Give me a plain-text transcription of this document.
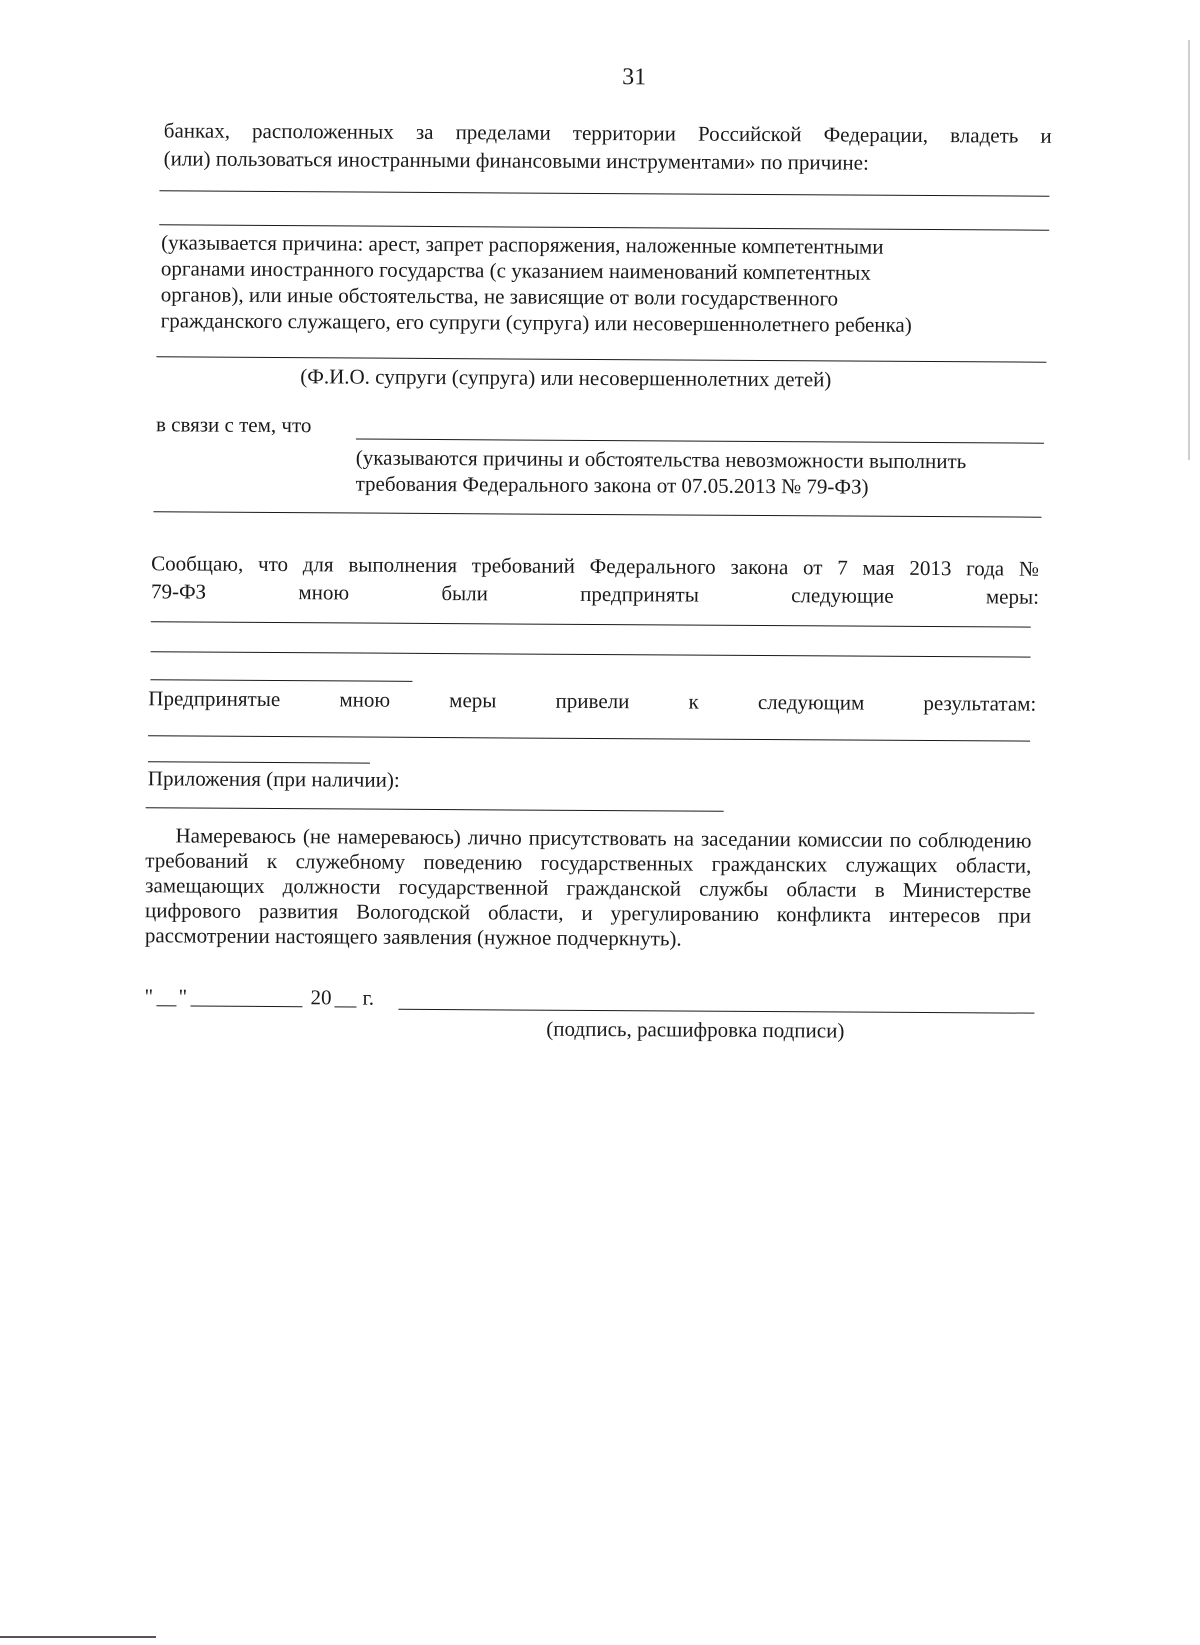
31
банках, расположенных за пределами территории Российской Федерации, владеть и
(или) пользоваться иностранными финансовыми инструментами» по причине:
(указывается причина: арест, запрет распоряжения, наложенные компетентными
органами иностранного государства (с указанием наименований компетентных
органов), или иные обстоятельства, не зависящие от воли государственного
гражданского служащего, его супруги (супруга) или несовершеннолетнего ребенка)
(Ф.И.О. супруги (супруга) или несовершеннолетних детей)
в связи с тем, что
(указываются причины и обстоятельства невозможности выполнить
требования Федерального закона от 07.05.2013 № 79-ФЗ)
Сообщаю, что для выполнения требований Федерального закона от 7 мая 2013 года №
79-ФЗ	мною	были	предприняты	следующие	меры:
Предпринятые	мною	меры	привели	к	следующим	результатам:
Приложения (при наличии):
Намереваюсь (не намереваюсь) лично присутствовать на заседании комиссии по соблюдению требований к служебному поведению государственных гражданских служащих области, замещающих должности государственной гражданской службы области в Министерстве цифрового развития Вологодской области, и урегулированию конфликта интересов при рассмотрении настоящего заявления (нужное подчеркнуть).
" "	20 г.
(подпись, расшифровка подписи)
